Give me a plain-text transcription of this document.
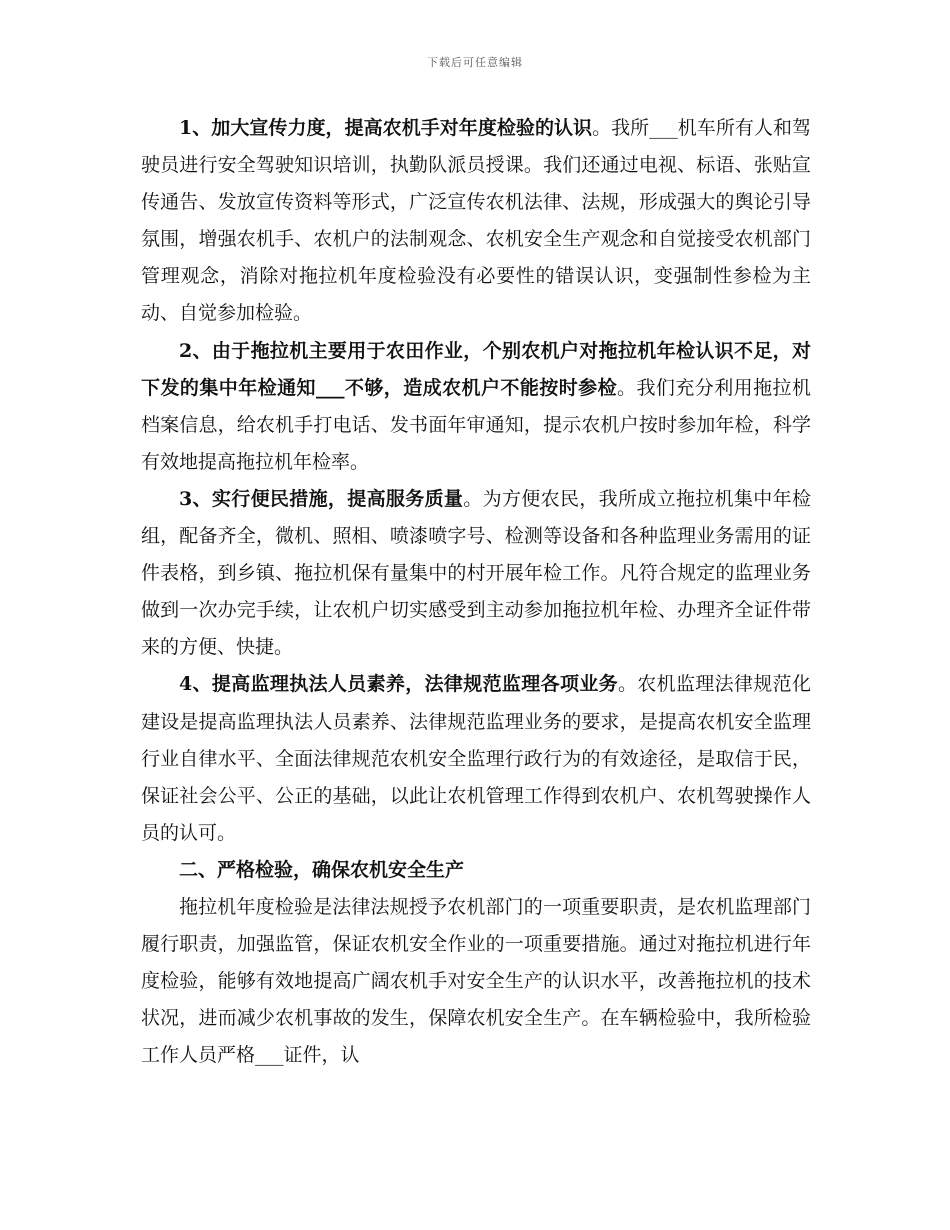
下载后可任意编辑

1、加大宣传力度，提高农机手对年度检验的认识。我所___机车所有人和驾驶员进行安全驾驶知识培训，执勤队派员授课。我们还通过电视、标语、张贴宣传通告、发放宣传资料等形式，广泛宣传农机法律、法规，形成强大的舆论引导氛围，增强农机手、农机户的法制观念、农机安全生产观念和自觉接受农机部门管理观念，消除对拖拉机年度检验没有必要性的错误认识，变强制性参检为主动、自觉参加检验。

2、由于拖拉机主要用于农田作业，个别农机户对拖拉机年检认识不足，对下发的集中年检通知___不够，造成农机户不能按时参检。我们充分利用拖拉机档案信息，给农机手打电话、发书面年审通知，提示农机户按时参加年检，科学有效地提高拖拉机年检率。

3、实行便民措施，提高服务质量。为方便农民，我所成立拖拉机集中年检组，配备齐全，微机、照相、喷漆喷字号、检测等设备和各种监理业务需用的证件表格，到乡镇、拖拉机保有量集中的村开展年检工作。凡符合规定的监理业务做到一次办完手续，让农机户切实感受到主动参加拖拉机年检、办理齐全证件带来的方便、快捷。

4、提高监理执法人员素养，法律规范监理各项业务。农机监理法律规范化建设是提高监理执法人员素养、法律规范监理业务的要求，是提高农机安全监理行业自律水平、全面法律规范农机安全监理行政行为的有效途径，是取信于民，保证社会公平、公正的基础，以此让农机管理工作得到农机户、农机驾驶操作人员的认可。

二、严格检验，确保农机安全生产

拖拉机年度检验是法律法规授予农机部门的一项重要职责，是农机监理部门履行职责，加强监管，保证农机安全作业的一项重要措施。通过对拖拉机进行年度检验，能够有效地提高广阔农机手对安全生产的认识水平，改善拖拉机的技术状况，进而减少农机事故的发生，保障农机安全生产。在车辆检验中，我所检验工作人员严格___证件，认
